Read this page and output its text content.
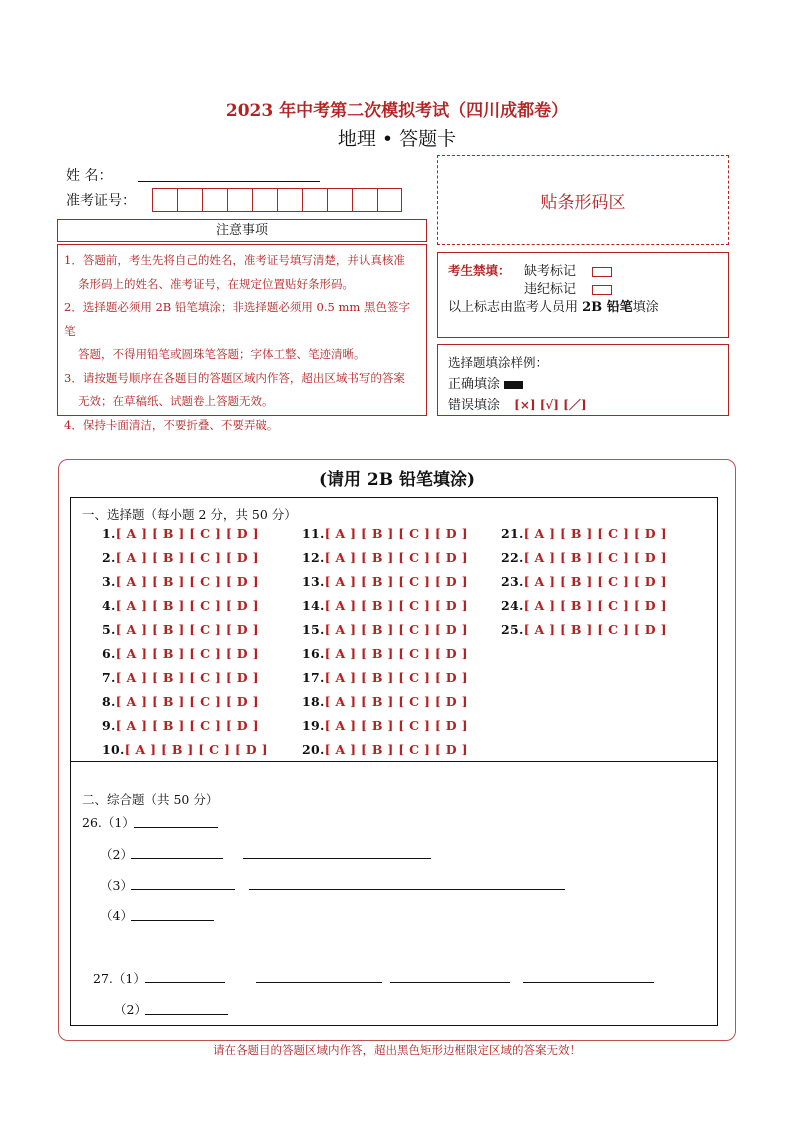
2023 年中考第二次模拟考试（四川成都卷）
地理 • 答题卡
姓 名：
准考证号：	贴条形码区
注意事项

1．答题前，考生先将自己的姓名，准考证号填写清楚，并认真核准

条形码上的姓名、准考证号，在规定位置贴好条形码。

2．选择题必须用 2B 铅笔填涂；非选择题必须用 0.5 mm 黑色签字笔

答题，不得用铅笔或圆珠笔答题；字体工整、笔迹清晰。

3．请按题号顺序在各题目的答题区域内作答，超出区域书写的答案

无效；在草稿纸、试题卷上答题无效。

4．保持卡面清洁，不要折叠、不要弄破。

考生禁填： 缺考标记
违纪标记
以上标志由监考人员用 2B 铅笔填涂
选择题填涂样例：
正确填涂
错误填涂 [×] [√] [／]
(请用 2B 铅笔填涂)
一、选择题（每小题 2 分，共 50 分）
1.[ A ] [ B ] [ C ] [ D ]
2.[ A ] [ B ] [ C ] [ D ]
3.[ A ] [ B ] [ C ] [ D ]
4.[ A ] [ B ] [ C ] [ D ]
5.[ A ] [ B ] [ C ] [ D ]
6.[ A ] [ B ] [ C ] [ D ]
7.[ A ] [ B ] [ C ] [ D ]
8.[ A ] [ B ] [ C ] [ D ]
9.[ A ] [ B ] [ C ] [ D ]
10.[ A ] [ B ] [ C ] [ D ]
11.[ A ] [ B ] [ C ] [ D ]
12.[ A ] [ B ] [ C ] [ D ]
13.[ A ] [ B ] [ C ] [ D ]
14.[ A ] [ B ] [ C ] [ D ]
15.[ A ] [ B ] [ C ] [ D ]
16.[ A ] [ B ] [ C ] [ D ]
17.[ A ] [ B ] [ C ] [ D ]
18.[ A ] [ B ] [ C ] [ D ]
19.[ A ] [ B ] [ C ] [ D ]
20.[ A ] [ B ] [ C ] [ D ]
21.[ A ] [ B ] [ C ] [ D ]
22.[ A ] [ B ] [ C ] [ D ]
23.[ A ] [ B ] [ C ] [ D ]
24.[ A ] [ B ] [ C ] [ D ]
25.[ A ] [ B ] [ C ] [ D ]
二、综合题（共 50 分）
26.（1）
（2）
（3）
（4）
27.（1）
（2）
请在各题目的答题区域内作答，超出黑色矩形边框限定区域的答案无效！
